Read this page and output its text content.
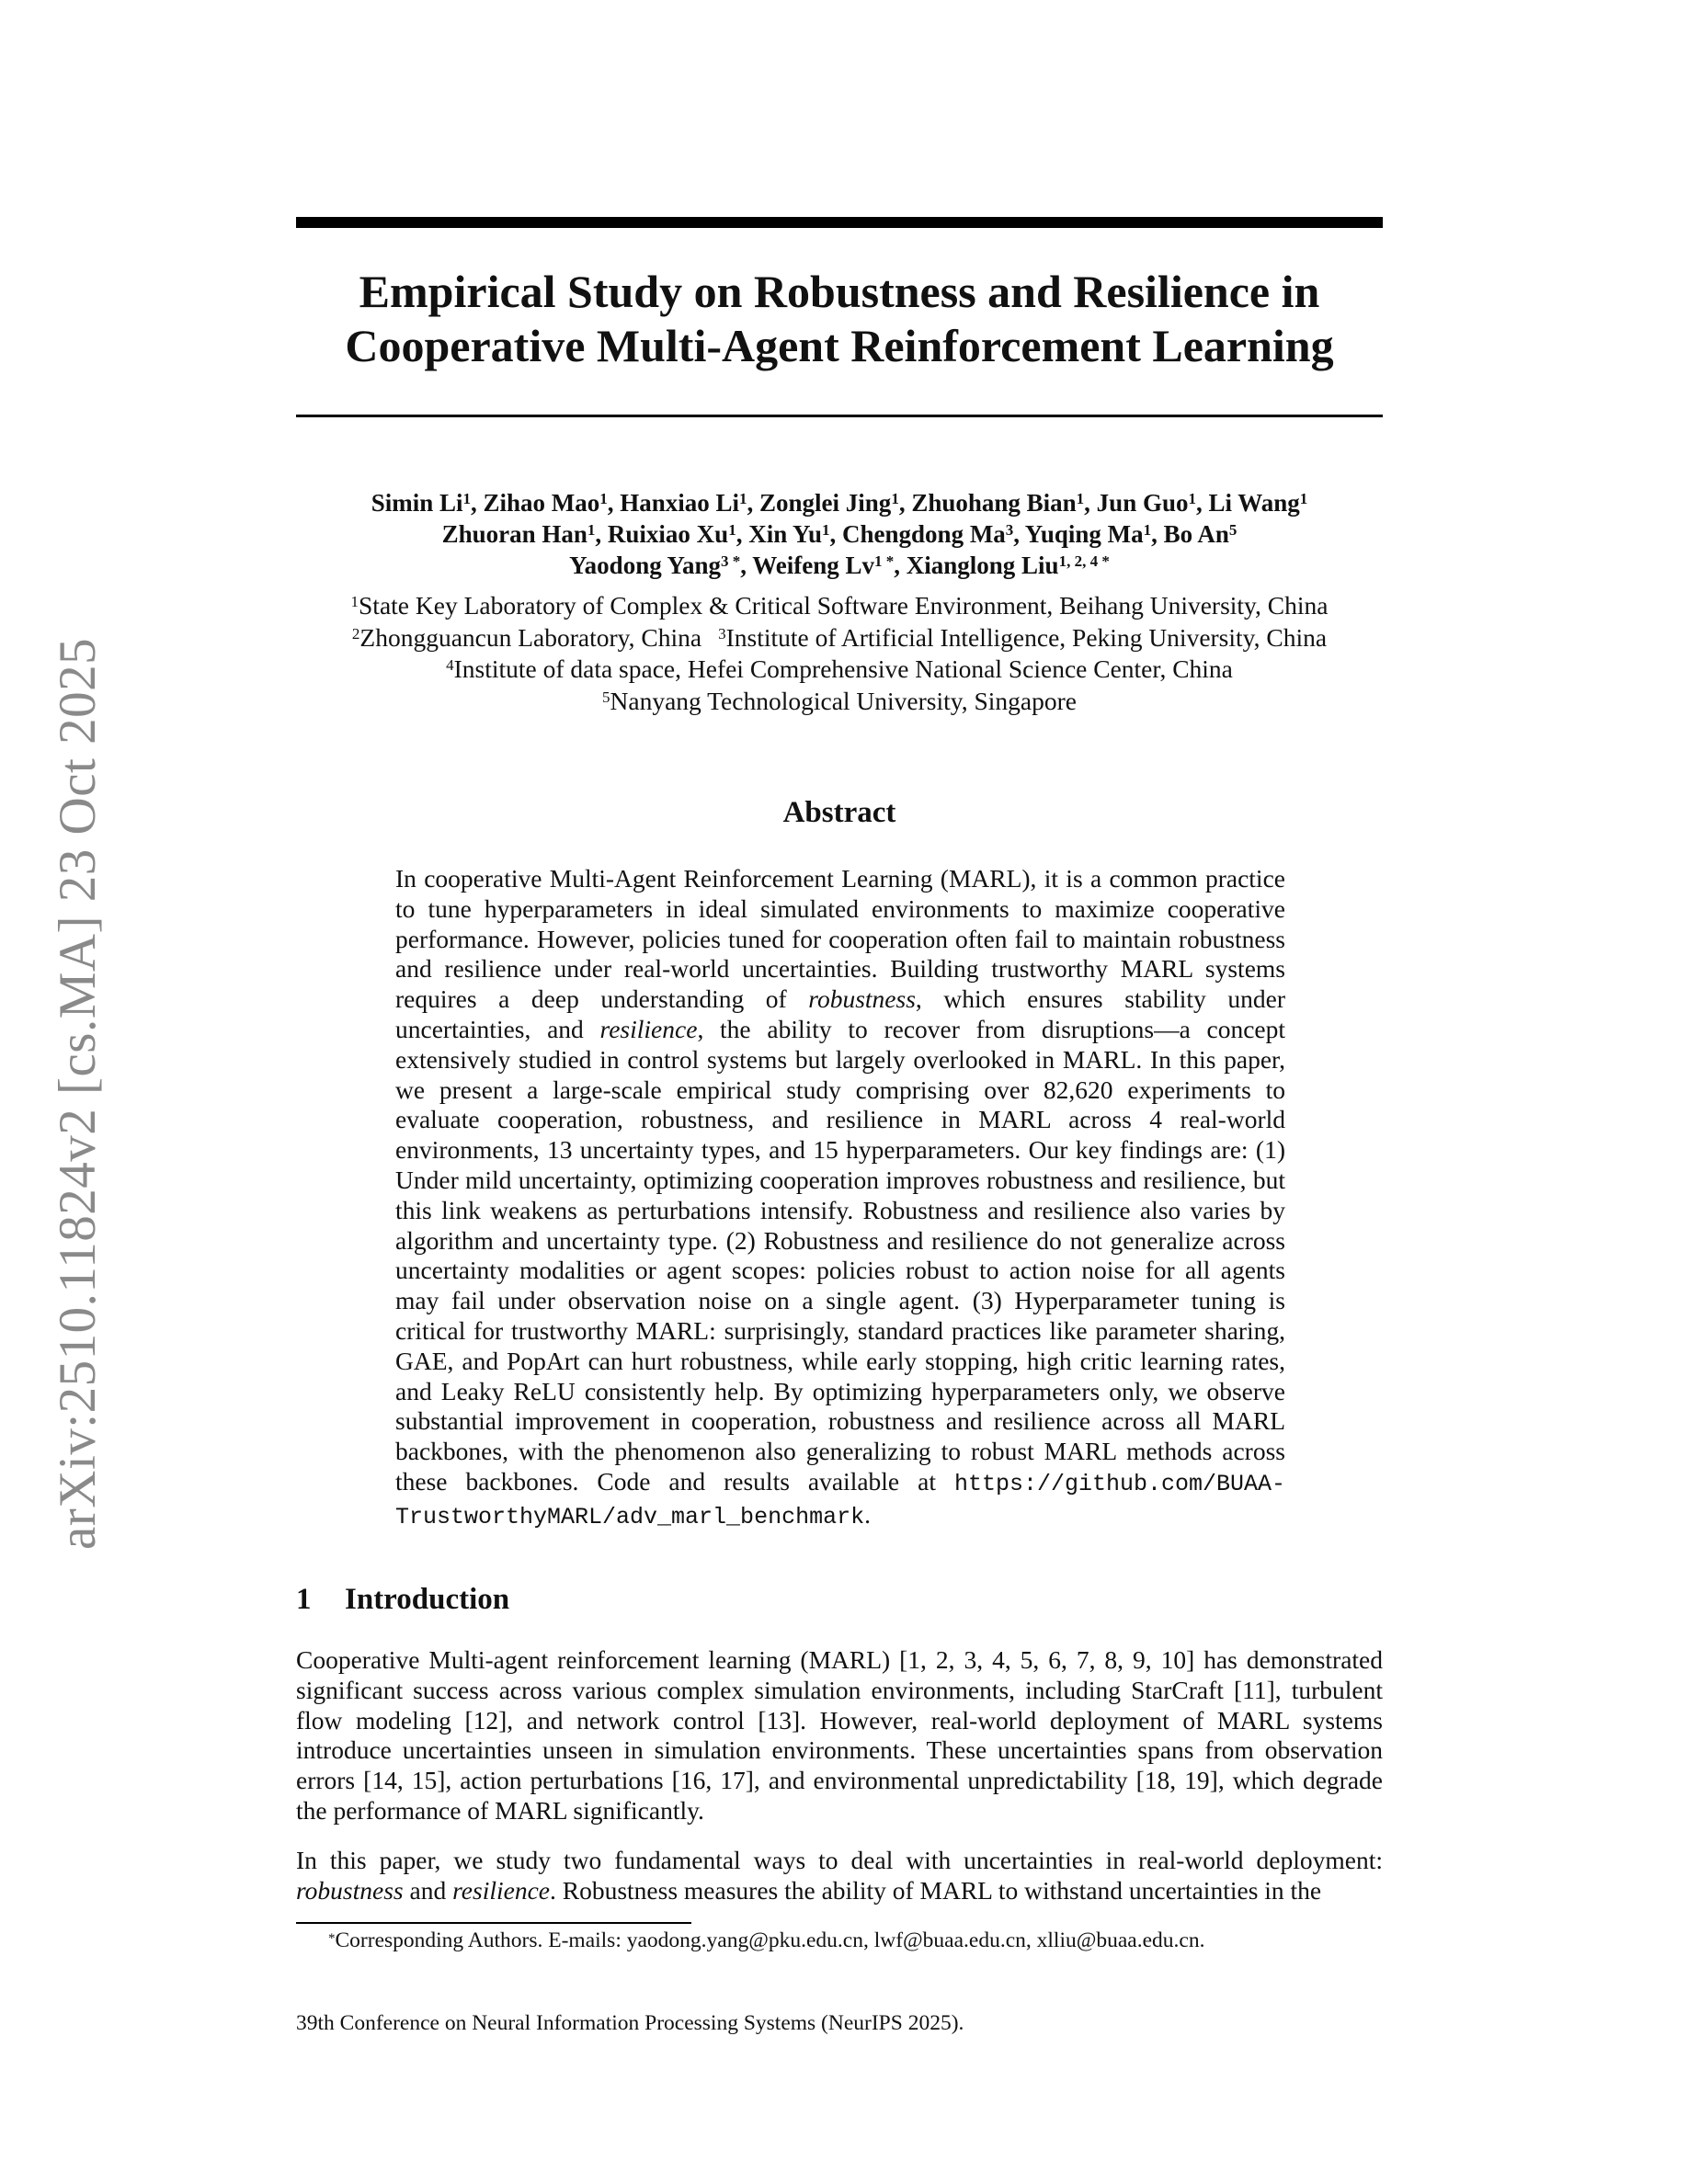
arXiv:2510.11824v2 [cs.MA] 23 Oct 2025
Empirical Study on Robustness and Resilience in
Cooperative Multi-Agent Reinforcement Learning
Simin Li$^1$, Zihao Mao$^1$, Hanxiao Li$^1$, Zonglei Jing$^1$, Zhuohang Bian$^1$, Jun Guo$^1$, Li Wang$^1$
Zhuoran Han$^1$, Ruixiao Xu$^1$, Xin Yu$^1$, Chengdong Ma$^3$, Yuqing Ma$^1$, Bo An$^5$
Yaodong Yang$^{3 *}$, Weifeng $Lv^{1 *}$, Xianglong Liu$^{1, 2, 4 *}$
$^1$State Key Laboratory of Complex & Critical Software Environment, Beihang University, China
$^2$Zhongguancun Laboratory, China $^3$Institute of Artificial Intelligence, Peking University, China
$^4$Institute of data space, Hefei Comprehensive National Science Center, China
$^5$Nanyang Technological University, Singapore
Abstract

In cooperative Multi-Agent Reinforcement Learning (MARL), it is a common practice to tune hyperparameters in ideal simulated environments to maximize cooperative performance. However, policies tuned for cooperation often fail to maintain robustness and resilience under real-world uncertainties. Building trustworthy MARL systems requires a deep understanding of robustness, which ensures stability under uncertainties, and resilience, the ability to recover from disruptions—a concept extensively studied in control systems but largely overlooked in MARL. In this paper, we present a large-scale empirical study comprising over 82,620 experiments to evaluate cooperation, robustness, and resilience in MARL across 4 real-world environments, 13 uncertainty types, and 15 hyperparameters. Our key findings are: (1) Under mild uncertainty, optimizing cooperation improves robustness and resilience, but this link weakens as perturbations intensify. Robustness and resilience also varies by algorithm and uncertainty type. (2) Robustness and resilience do not generalize across uncertainty modalities or agent scopes: policies robust to action noise for all agents may fail under observation noise on a single agent. (3) Hyperparameter tuning is critical for trustworthy MARL: surprisingly, standard practices like parameter sharing, GAE, and PopArt can hurt robustness, while early stopping, high critic learning rates, and Leaky ReLU consistently help. By optimizing hyperparameters only, we observe substantial improvement in cooperation, robustness and resilience across all MARL backbones, with the phenomenon also generalizing to robust MARL methods across these backbones. Code and results available at https://github.com/BUAA-TrustworthyMARL/adv_marl_benchmark.

1 Introduction

Cooperative Multi-agent reinforcement learning (MARL) [1, 2, 3, 4, 5, 6, 7, 8, 9, 10] has demonstrated significant success across various complex simulation environments, including StarCraft [11], turbulent flow modeling [12], and network control [13]. However, real-world deployment of MARL systems introduce uncertainties unseen in simulation environments. These uncertainties spans from observation errors [14, 15], action perturbations [16, 17], and environmental unpredictability [18, 19], which degrade the performance of MARL significantly.

In this paper, we study two fundamental ways to deal with uncertainties in real-world deployment: robustness and resilience. Robustness measures the ability of MARL to withstand uncertainties in the

*Corresponding Authors. E-mails: yaodong.yang@pku.edu.cn, lwf@buaa.edu.cn, xlliu@buaa.edu.cn.

39th Conference on Neural Information Processing Systems (NeurIPS 2025).
